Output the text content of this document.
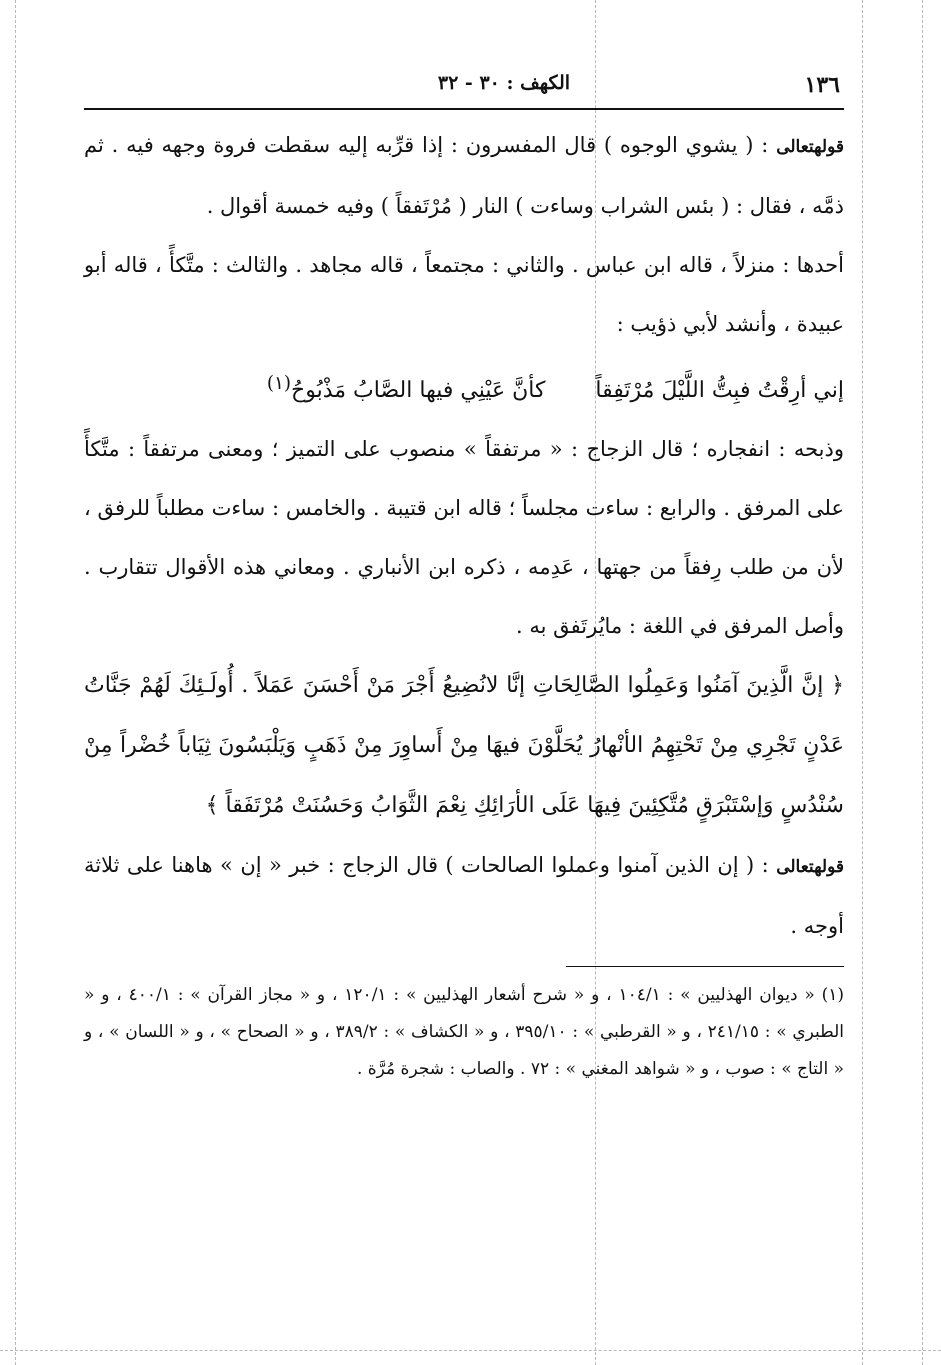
١٣٦
الكهف : ٣٠ - ٣٢

قولهتعالى : ( يشوي الوجوه ) قال المفسرون : إذا قرِّبه إليه سقطت فروة وجهه فيه . ثم ذمَّه ، فقال : ( بئس الشراب وساءت ) النار ( مُرْتَفقاً ) وفيه خمسة أقوال .

أحدها : منزلاً ، قاله ابن عباس . والثاني : مجتمعاً ، قاله مجاهد . والثالث : متَّكأً ، قاله أبو عبيدة ، وأنشد لأبي ذؤيب :

إني أرِقْتُ فبِتُّ اللَّيْلَ مُرْتَفِقاًكأنَّ عَيْنِي فيها الصَّابُ مَذْبُوحُ$^{(١)}$

وذبحه : انفجاره ؛ قال الزجاج : « مرتفقاً » منصوب على التميز ؛ ومعنى مرتفقاً : متَّكأً على المرفق . والرابع : ساءت مجلساً ؛ قاله ابن قتيبة . والخامس : ساءت مطلباً للرفق ، لأن من طلب رِفقاً من جهتها ، عَدِمه ، ذكره ابن الأنباري . ومعاني هذه الأقوال تتقارب . وأصل المرفق في اللغة : مايُرتَفق به .

﴿ إنَّ الَّذِينَ آمَنُوا وَعَمِلُوا الصَّالِحَاتِ إنَّا لانُضِيعُ أَجْرَ مَنْ أَحْسَنَ عَمَلاً . أُولَـئِكَ لَهُمْ جَنَّاتُ عَدْنٍ تَجْرِي مِنْ تَحْتِهِمُ الأنْهارُ يُحَلَّوْنَ فيهَا مِنْ أَساوِرَ مِنْ ذَهَبٍ وَيَلْبَسُونَ ثِيَاباً خُضْراً مِنْ سُنْدُسٍ وَإسْتَبْرَقٍ مُتَّكِئِينَ فِيهَا عَلَى الأرَائِكِ نِعْمَ الثَّوَابُ وَحَسُنَتْ مُرْتَفَقاً ﴾

قولهتعالى : ( إن الذين آمنوا وعملوا الصالحات ) قال الزجاج : خبر « إن » هاهنا على ثلاثة أوجه .

(١) « ديوان الهذليين » : ١٠٤/١ ، و « شرح أشعار الهذليين » : ١٢٠/١ ، و « مجاز القرآن » : ٤٠٠/١ ، و « الطبري » : ٢٤١/١٥ ، و « القرطبي » : ٣٩٥/١٠ ، و « الكشاف » : ٣٨٩/٢ ، و « الصحاح » ، و « اللسان » ، و « التاج » : صوب ، و « شواهد المغني » : ٧٢ . والصاب : شجرة مُرَّة .
